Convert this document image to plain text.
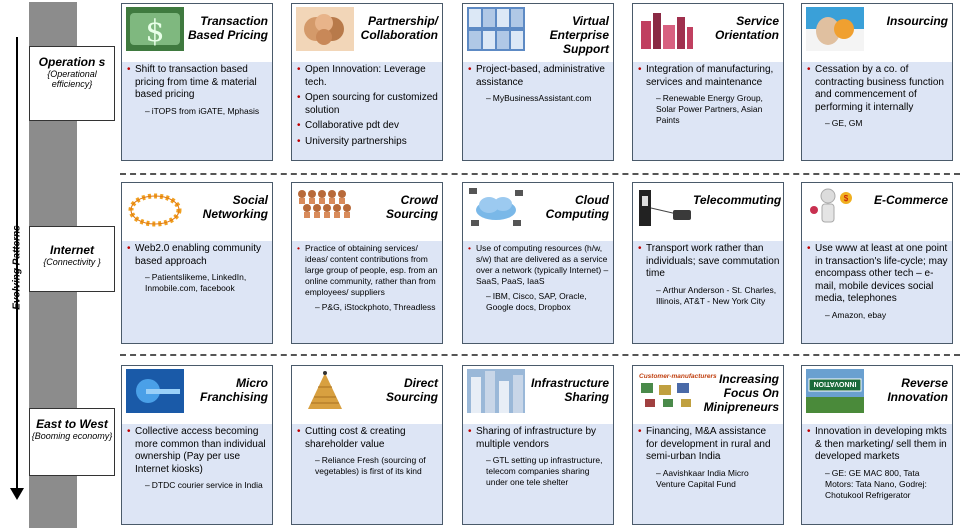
Evolving Patterns
Operation s
{Operational efficiency}
Internet
{Connectivity }
East to West
{Booming economy}
$	Transaction Based Pricing
• Shift to transaction based pricing from time & material based pricing
– iTOPS from iGATE, Mphasis
Partnership/ Collaboration
• Open Innovation: Leverage tech.
• Open sourcing for customized solution
• Collaborative pdt dev
• University partnerships
Virtual Enterprise Support
• Project-based, administrative assistance
– MyBusinessAssistant.com
Service Orientation
• Integration of manufacturing, services and maintenance
– Renewable Energy Group, Solar Power Partners, Asian Paints
Insourcing
• Cessation by a co. of contracting business function and commencement of performing it internally
– GE, GM
Social Networking
• Web2.0 enabling community based approach
– Patientslikeme, LinkedIn, Inmobile.com, facebook
Crowd Sourcing
• Practice of obtaining services/ ideas/ content contributions from large group of people, esp. from an online community, rather than from employees/ suppliers
– P&G, iStockphoto, Threadless
Cloud Computing
• Use of computing resources (h/w, s/w) that are delivered as a service over a network (typically Internet) – SaaS, PaaS, IaaS
– IBM, Cisco, SAP, Oracle, Google docs, Dropbox
Telecommuting
• Transport work rather than individuals; save commutation time
– Arthur Anderson - St. Charles, Illinois, AT&T - New York City
$	E-Commerce
• Use www at least at one point in transaction's life-cycle; may encompass other tech – e-mail, mobile devices social media, telephones
– Amazon, ebay
Micro Franchising
• Collective access becoming more common than individual ownership (Pay per use Internet kiosks)
– DTDC courier service in India
Direct Sourcing
• Cutting cost & creating shareholder value
– Reliance Fresh (sourcing of vegetables) is first of its kind
Infrastructure Sharing
• Sharing of infrastructure by multiple vendors
– GTL setting up infrastructure, telecom companies sharing under one tele shelter
Customer-manufacturers Increasing Focus On Minipreneurs
• Financing, M&A assistance for development in rural and semi-urban India
– Aavishkaar India Micro Venture Capital Fund
INNOVATION	Reverse Innovation
• Innovation in developing mkts & then marketing/ sell them in developed markets
– GE: GE MAC 800, Tata Motors: Tata Nano, Godrej: Chotukool Refrigerator
